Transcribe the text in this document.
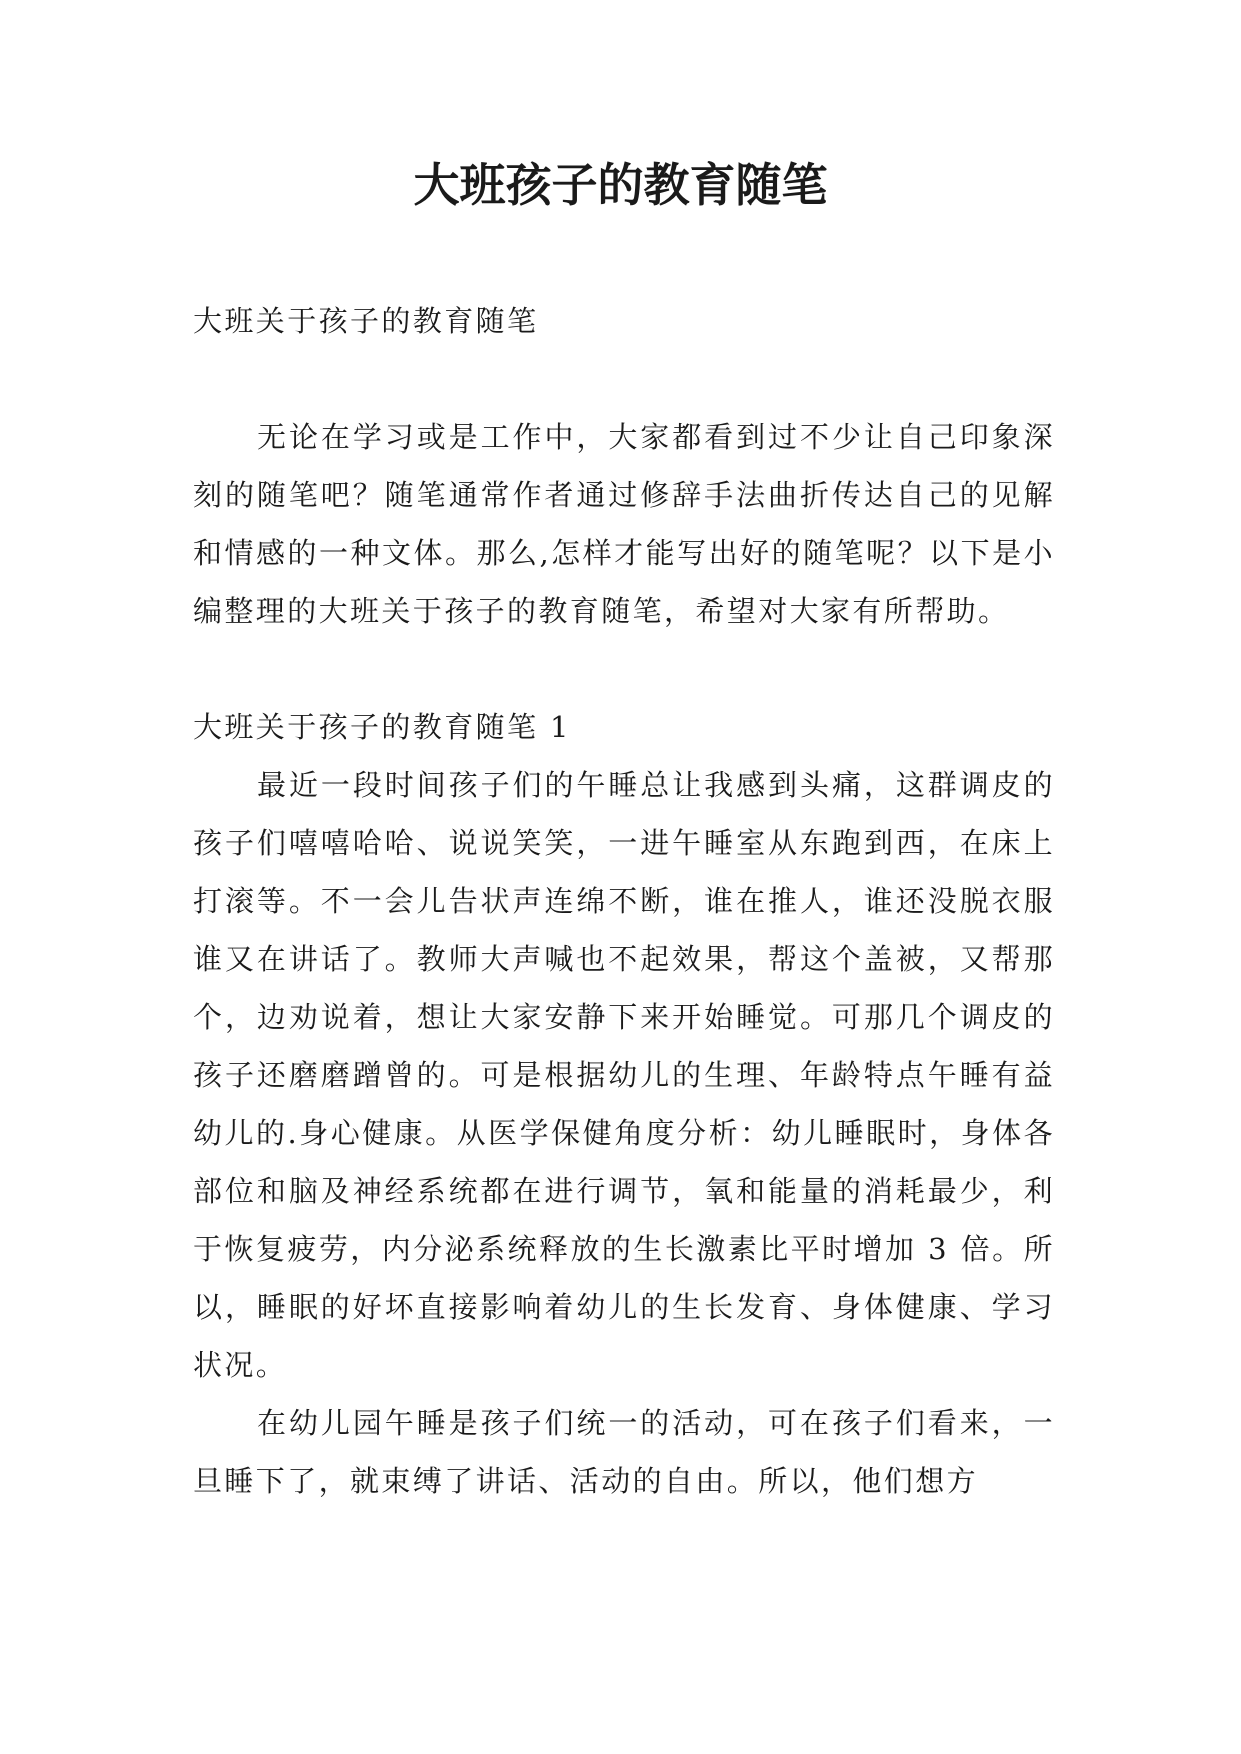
大班孩子的教育随笔

大班关于孩子的教育随笔

无论在学习或是工作中，大家都看到过不少让自己印象深刻的随笔吧？随笔通常作者通过修辞手法曲折传达自己的见解和情感的一种文体。那么,怎样才能写出好的随笔呢？以下是小编整理的大班关于孩子的教育随笔，希望对大家有所帮助。

大班关于孩子的教育随笔 1

最近一段时间孩子们的午睡总让我感到头痛，这群调皮的孩子们嘻嘻哈哈、说说笑笑，一进午睡室从东跑到西，在床上打滚等。不一会儿告状声连绵不断，谁在推人，谁还没脱衣服谁又在讲话了。教师大声喊也不起效果，帮这个盖被，又帮那个，边劝说着，想让大家安静下来开始睡觉。可那几个调皮的孩子还磨磨蹭曾的。可是根据幼儿的生理、年龄特点午睡有益幼儿的.身心健康。从医学保健角度分析：幼儿睡眠时，身体各部位和脑及神经系统都在进行调节，氧和能量的消耗最少，利于恢复疲劳，内分泌系统释放的生长激素比平时增加 3 倍。所以，睡眠的好坏直接影响着幼儿的生长发育、身体健康、学习状况。

在幼儿园午睡是孩子们统一的活动，可在孩子们看来，一旦睡下了，就束缚了讲话、活动的自由。所以，他们想方
